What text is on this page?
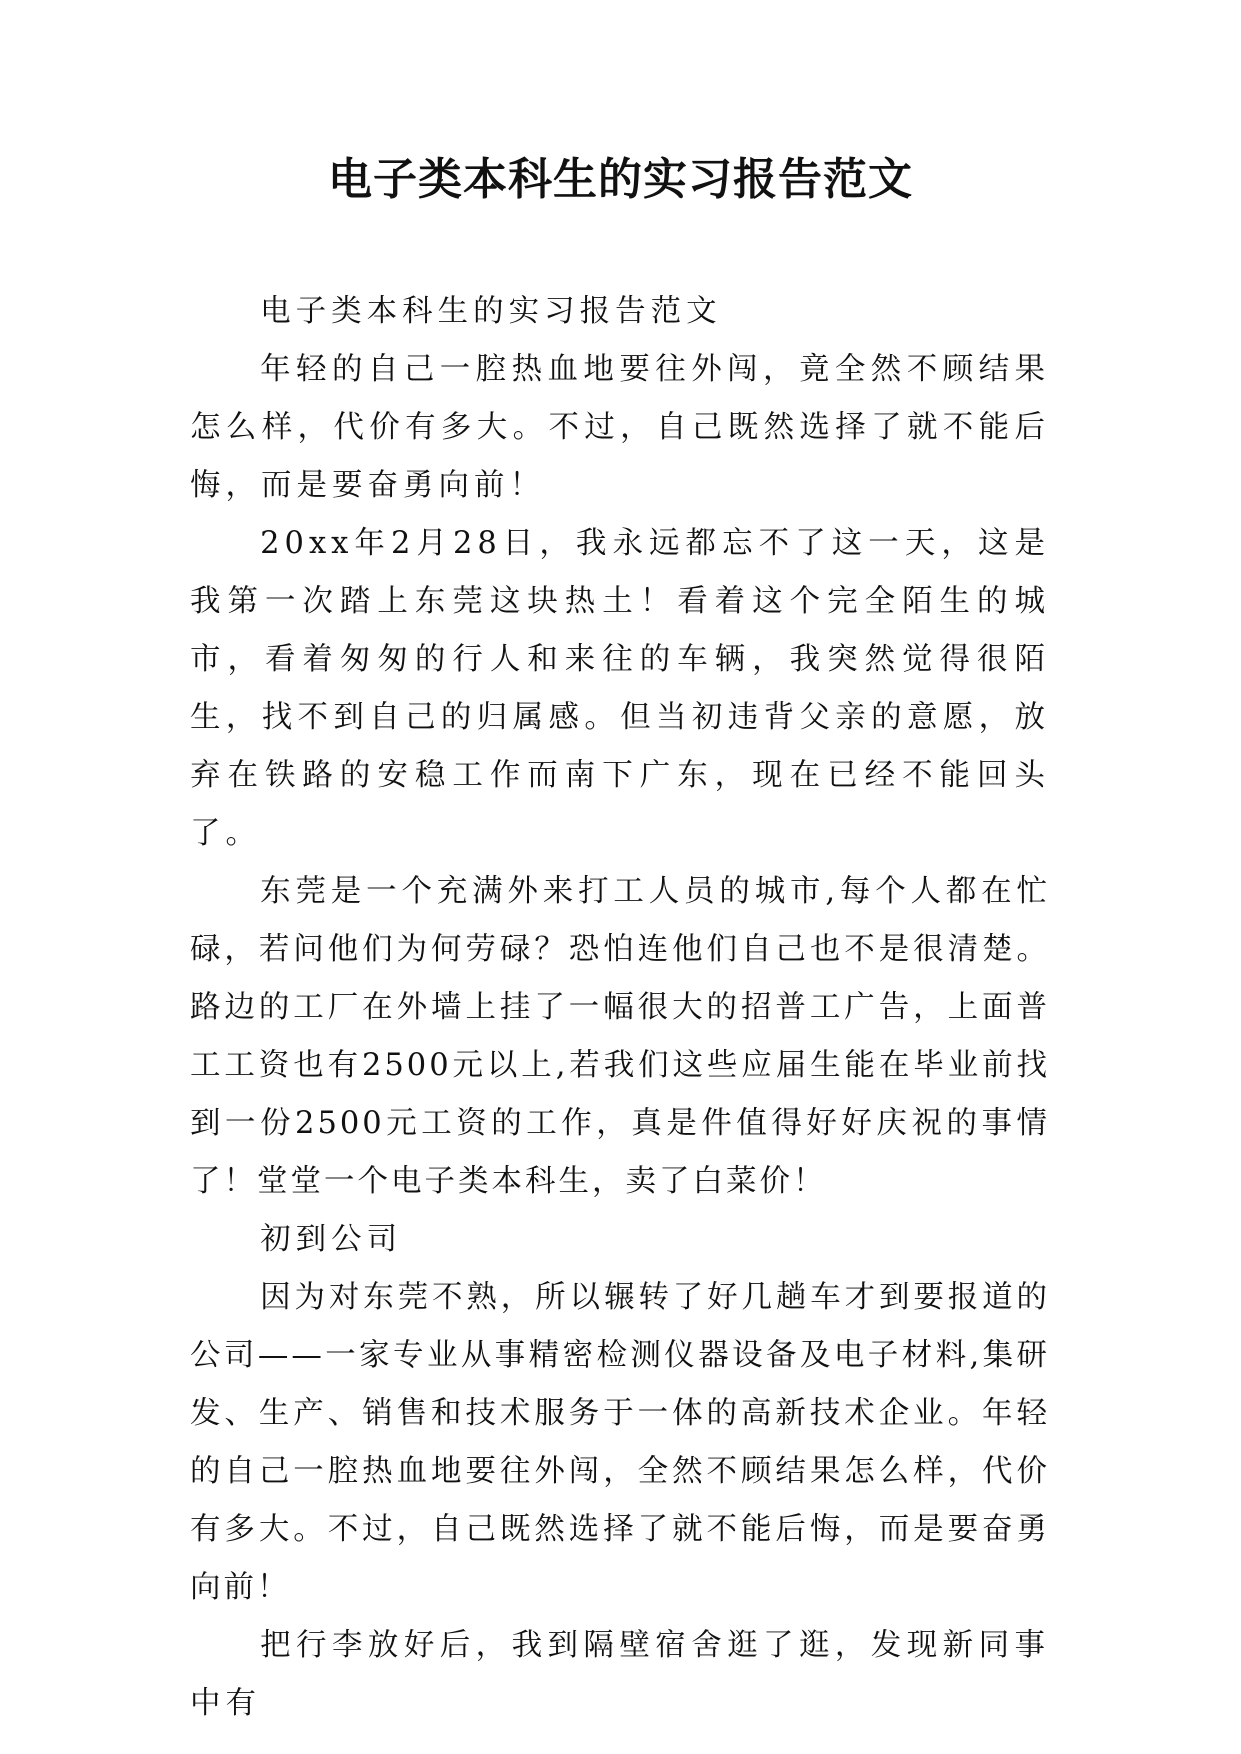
电子类本科生的实习报告范文

电子类本科生的实习报告范文

年轻的自己一腔热血地要往外闯，竟全然不顾结果怎么样，代价有多大。不过，自己既然选择了就不能后悔，而是要奋勇向前！

20xx年2月28日，我永远都忘不了这一天，这是我第一次踏上东莞这块热土！看着这个完全陌生的城市，看着匆匆的行人和来往的车辆，我突然觉得很陌生，找不到自己的归属感。但当初违背父亲的意愿，放弃在铁路的安稳工作而南下广东，现在已经不能回头了。

东莞是一个充满外来打工人员的城市,每个人都在忙碌，若问他们为何劳碌？恐怕连他们自己也不是很清楚。路边的工厂在外墙上挂了一幅很大的招普工广告，上面普工工资也有2500元以上,若我们这些应届生能在毕业前找到一份2500元工资的工作，真是件值得好好庆祝的事情了！堂堂一个电子类本科生，卖了白菜价！

初到公司

因为对东莞不熟，所以辗转了好几趟车才到要报道的公司——一家专业从事精密检测仪器设备及电子材料,集研发、生产、销售和技术服务于一体的高新技术企业。年轻的自己一腔热血地要往外闯，全然不顾结果怎么样，代价有多大。不过，自己既然选择了就不能后悔，而是要奋勇向前！

把行李放好后，我到隔壁宿舍逛了逛，发现新同事中有
